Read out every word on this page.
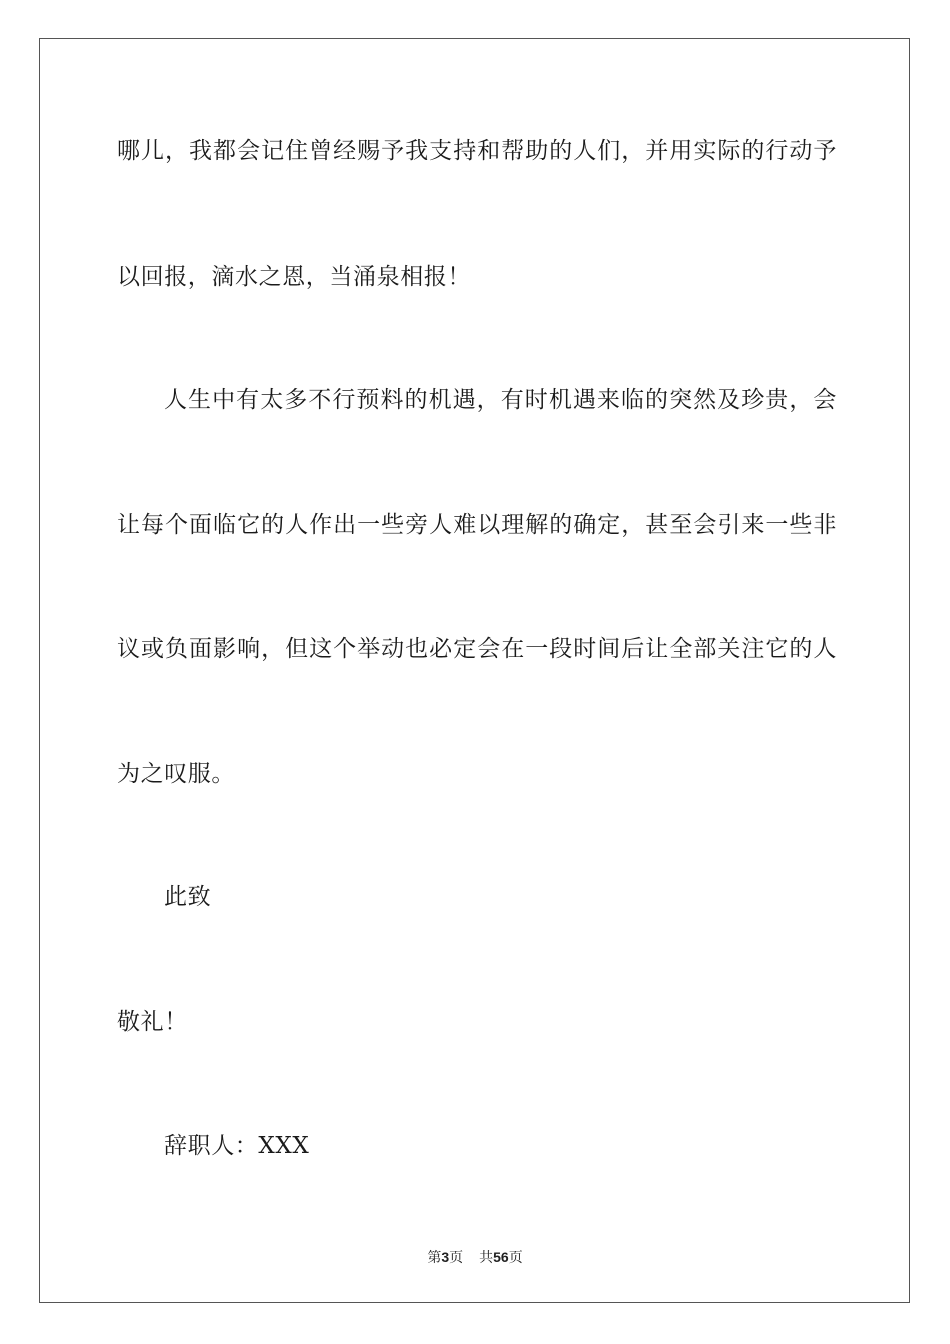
哪儿，我都会记住曾经赐予我支持和帮助的人们，并用实际的行动予
以回报，滴水之恩，当涌泉相报！
人生中有太多不行预料的机遇，有时机遇来临的突然及珍贵，会
让每个面临它的人作出一些旁人难以理解的确定，甚至会引来一些非
议或负面影响，但这个举动也必定会在一段时间后让全部关注它的人
为之叹服。
此致
敬礼！
辞职人：XXX
第3页 共56页
